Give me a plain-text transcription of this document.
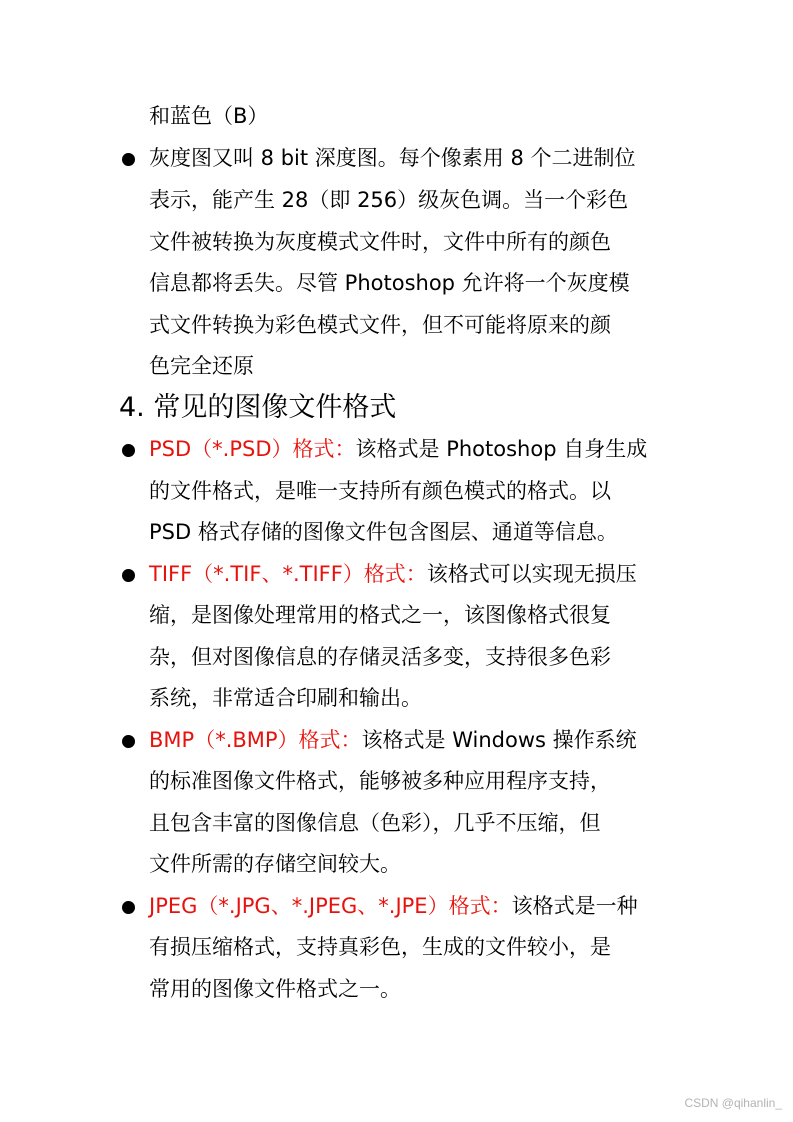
和蓝色（B）
灰度图又叫 8 bit 深度图。每个像素用 8 个二进制位
表示，能产生 28（即 256）级灰色调。当一个彩色
文件被转换为灰度模式文件时，文件中所有的颜色
信息都将丢失。尽管 Photoshop 允许将一个灰度模
式文件转换为彩色模式文件，但不可能将原来的颜
色完全还原
4. 常见的图像文件格式
PSD（*.PSD）格式：该格式是 Photoshop 自身生成
的文件格式，是唯一支持所有颜色模式的格式。以
PSD 格式存储的图像文件包含图层、通道等信息。
TIFF（*.TIF、*.TIFF）格式：该格式可以实现无损压
缩，是图像处理常用的格式之一，该图像格式很复
杂，但对图像信息的存储灵活多变，支持很多色彩
系统，非常适合印刷和输出。
BMP（*.BMP）格式：该格式是 Windows 操作系统
的标准图像文件格式，能够被多种应用程序支持，
且包含丰富的图像信息（色彩），几乎不压缩，但
文件所需的存储空间较大。
JPEG（*.JPG、*.JPEG、*.JPE）格式：该格式是一种
有损压缩格式，支持真彩色，生成的文件较小，是
常用的图像文件格式之一。
CSDN @qihanlin_
